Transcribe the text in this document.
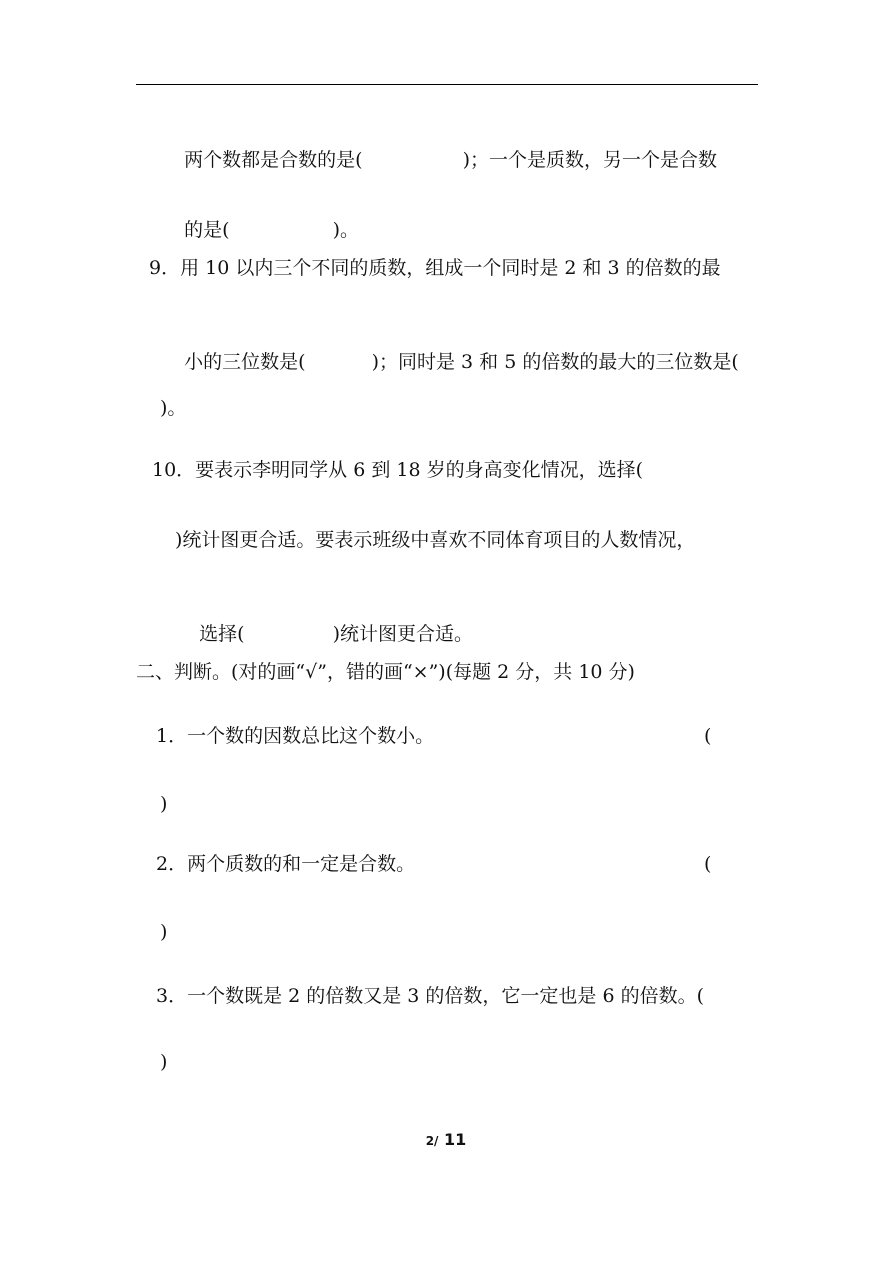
两个数都是合数的是(	)；一个是质数，另一个是合数

的是(	)。

9．用 10 以内三个不同的质数，组成一个同时是 2 和 3 的倍数的最

小的三位数是(	)；同时是 3 和 5 的倍数的最大的三位数是(

)。
10．要表示李明同学从 6 到 18 岁的身高变化情况，选择(
)统计图更合适。要表示班级中喜欢不同体育项目的人数情况，

选择(	)统计图更合适。

二、判断。(对的画“√”，错的画“×”)(每题 2 分，共 10 分)
1．一个数的因数总比这个数小。	(
)
2．两个质数的和一定是合数。	(
)
3．一个数既是 2 的倍数又是 3 的倍数，它一定也是 6 的倍数。(
)
2/ 11
